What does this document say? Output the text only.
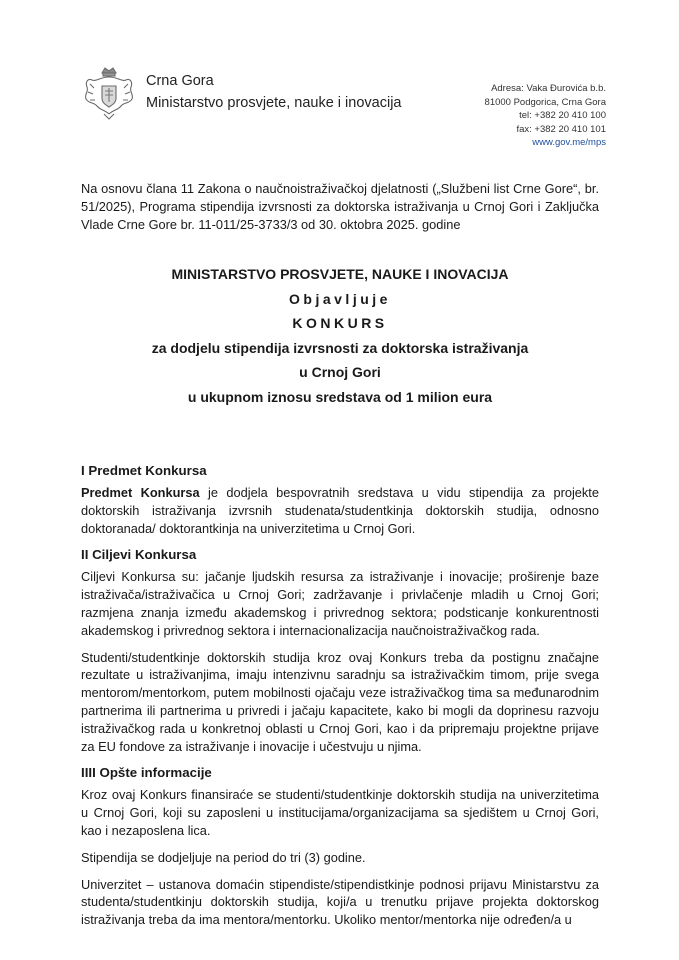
Crna Gora
Ministarstvo prosvjete, nauke i inovacija
Adresa: Vaka Đurovića b.b.
81000 Podgorica, Crna Gora
tel: +382 20 410 100
fax: +382 20 410 101
www.gov.me/mps
Na osnovu člana 11 Zakona o naučnoistraživačkoj djelatnosti („Službeni list Crne Gore“, br. 51/2025), Programa stipendija izvrsnosti za doktorska istraživanja u Crnoj Gori i Zaključka Vlade Crne Gore br. 11-011/25-3733/3 od 30. oktobra 2025. godine
MINISTARSTVO PROSVJETE, NAUKE I INOVACIJA
Objavljuje
KONKURS
za dodjelu stipendija izvrsnosti za doktorska istraživanja
u Crnoj Gori
u ukupnom iznosu sredstava od 1 milion eura
I Predmet Konkursa

Predmet Konkursa je dodjela bespovratnih sredstava u vidu stipendija za projekte doktorskih istraživanja izvrsnih studenata/studentkinja doktorskih studija, odnosno doktoranada/ doktorantkinja na univerzitetima u Crnoj Gori.

II Ciljevi Konkursa

Ciljevi Konkursa su: jačanje ljudskih resursa za istraživanje i inovacije; proširenje baze istraživača/istraživačica u Crnoj Gori; zadržavanje i privlačenje mladih u Crnoj Gori; razmjena znanja između akademskog i privrednog sektora; podsticanje konkurentnosti akademskog i privrednog sektora i internacionalizacija naučnoistraživačkog rada.

Studenti/studentkinje doktorskih studija kroz ovaj Konkurs treba da postignu značajne rezultate u istraživanjima, imaju intenzivnu saradnju sa istraživačkim timom, prije svega mentorom/mentorkom, putem mobilnosti ojačaju veze istraživačkog tima sa međunarodnim partnerima ili partnerima u privredi i jačaju kapacitete, kako bi mogli da doprinesu razvoju istraživačkog rada u konkretnoj oblasti u Crnoj Gori, kao i da pripremaju projektne prijave za EU fondove za istraživanje i inovacije i učestvuju u njima.

IIII Opšte informacije

Kroz ovaj Konkurs finansiraće se studenti/studentkinje doktorskih studija na univerzitetima u Crnoj Gori, koji su zaposleni u institucijama/organizacijama sa sjedištem u Crnoj Gori, kao i nezaposlena lica.

Stipendija se dodjeljuje na period do tri (3) godine.

Univerzitet – ustanova domaćin stipendiste/stipendistkinje podnosi prijavu Ministarstvu za studenta/studentkinju doktorskih studija, koji/a u trenutku prijave projekta doktorskog istraživanja treba da ima mentora/mentorku. Ukoliko mentor/mentorka nije određen/a u
